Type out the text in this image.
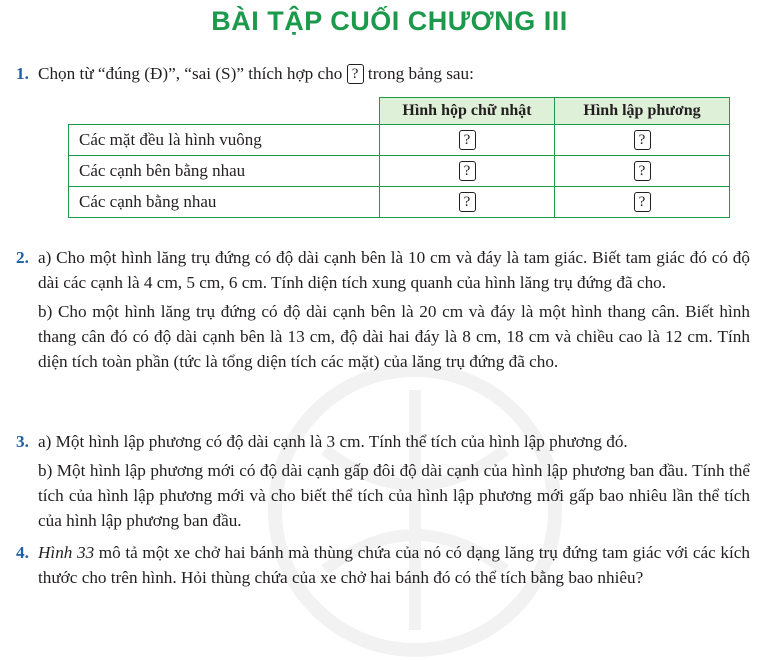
BÀI TẬP CUỐI CHƯƠNG III
1. Chọn từ “đúng (Đ)”, “sai (S)” thích hợp cho ? trong bảng sau:
	Hình hộp chữ nhật	Hình lập phương
Các mặt đều là hình vuông	?	?
Các cạnh bên bằng nhau	?	?
Các cạnh bằng nhau	?	?
2. a) Cho một hình lăng trụ đứng có độ dài cạnh bên là 10 cm và đáy là tam giác. Biết tam giác đó có độ dài các cạnh là 4 cm, 5 cm, 6 cm. Tính diện tích xung quanh của hình lăng trụ đứng đã cho.
b) Cho một hình lăng trụ đứng có độ dài cạnh bên là 20 cm và đáy là một hình thang cân. Biết hình thang cân đó có độ dài cạnh bên là 13 cm, độ dài hai đáy là 8 cm, 18 cm và chiều cao là 12 cm. Tính diện tích toàn phần (tức là tổng diện tích các mặt) của lăng trụ đứng đã cho.
3. a) Một hình lập phương có độ dài cạnh là 3 cm. Tính thể tích của hình lập phương đó.
b) Một hình lập phương mới có độ dài cạnh gấp đôi độ dài cạnh của hình lập phương ban đầu. Tính thể tích của hình lập phương mới và cho biết thể tích của hình lập phương mới gấp bao nhiêu lần thể tích của hình lập phương ban đầu.
4. Hình 33 mô tả một xe chở hai bánh mà thùng chứa của nó có dạng lăng trụ đứng tam giác với các kích thước cho trên hình. Hỏi thùng chứa của xe chở hai bánh đó có thể tích bằng bao nhiêu?
